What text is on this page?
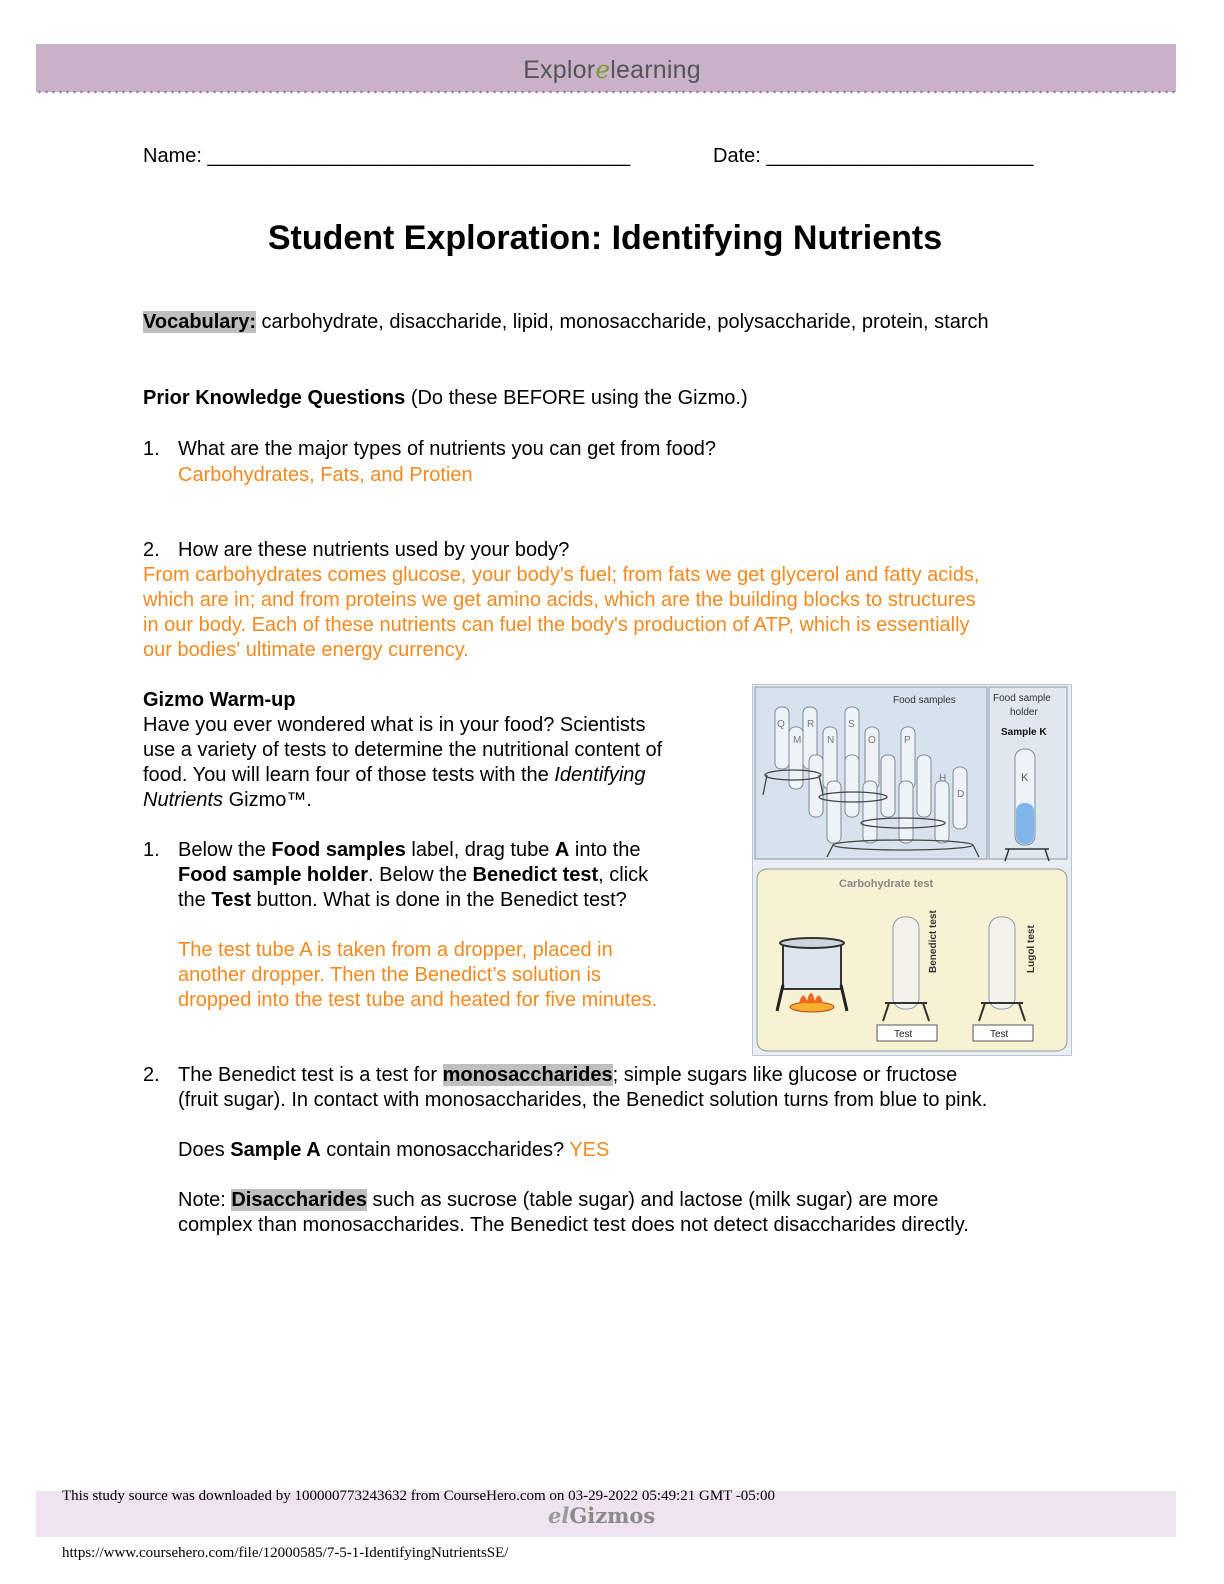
Explorelearning
Name: ______________________________________	Date: ________________________
Student Exploration: Identifying Nutrients
Vocabulary: carbohydrate, disaccharide, lipid, monosaccharide, polysaccharide, protein, starch
Prior Knowledge Questions (Do these BEFORE using the Gizmo.)
1. What are the major types of nutrients you can get from food?
Carbohydrates, Fats, and Protien
2. How are these nutrients used by your body?
From carbohydrates comes glucose, your body's fuel; from fats we get glycerol and fatty acids,
which are in; and from proteins we get amino acids, which are the building blocks to structures
in our body. Each of these nutrients can fuel the body's production of ATP, which is essentially
our bodies' ultimate energy currency.
Gizmo Warm-up
Have you ever wondered what is in your food? Scientists
use a variety of tests to determine the nutritional content of
food. You will learn four of those tests with the Identifying
Nutrients Gizmo™.
1. Below the Food samples label, drag tube A into the
Food sample holder. Below the Benedict test, click
the Test button. What is done in the Benedict test?
The test tube A is taken from a dropper, placed in
another dropper. Then the Benedict’s solution is
dropped into the test tube and heated for five minutes.
Food samples	Food sample
holder
Sample K
Q R	S
M	N	O	P
H
D
K
Carbohydrate test
Benedict test	Lugol test
Test	Test
2. The Benedict test is a test for monosaccharides; simple sugars like glucose or fructose
(fruit sugar). In contact with monosaccharides, the Benedict solution turns from blue to pink.
Does Sample A contain monosaccharides? YES
Note: Disaccharides such as sucrose (table sugar) and lactose (milk sugar) are more
complex than monosaccharides. The Benedict test does not detect disaccharides directly.
This study source was downloaded by 100000773243632 from CourseHero.com on 03-29-2022 05:49:21 GMT -05:00
elGizmos
https://www.coursehero.com/file/12000585/7-5-1-IdentifyingNutrientsSE/
